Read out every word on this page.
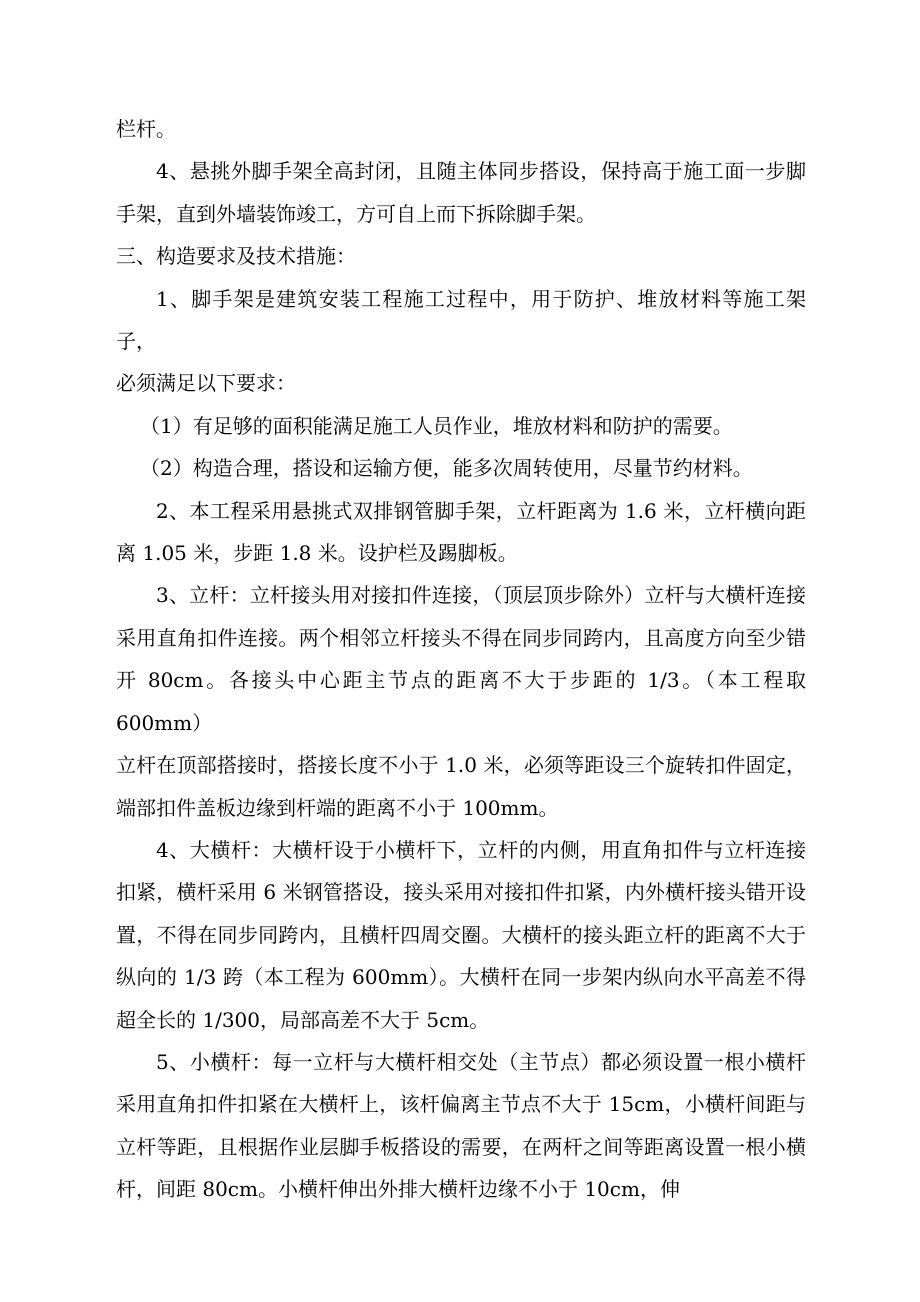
栏杆。

4、悬挑外脚手架全高封闭，且随主体同步搭设，保持高于施工面一步脚手架，直到外墙装饰竣工，方可自上而下拆除脚手架。

三、构造要求及技术措施：

1、脚手架是建筑安装工程施工过程中，用于防护、堆放材料等施工架子，

必须满足以下要求：

（1）有足够的面积能满足施工人员作业，堆放材料和防护的需要。

（2）构造合理，搭设和运输方便，能多次周转使用，尽量节约材料。

2、本工程采用悬挑式双排钢管脚手架，立杆距离为 1.6 米，立杆横向距离 1.05 米，步距 1.8 米。设护栏及踢脚板。

3、立杆：立杆接头用对接扣件连接，（顶层顶步除外）立杆与大横杆连接采用直角扣件连接。两个相邻立杆接头不得在同步同跨内，且高度方向至少错开 80cm。各接头中心距主节点的距离不大于步距的 1/3。（本工程取 600mm）

立杆在顶部搭接时，搭接长度不小于 1.0 米，必须等距设三个旋转扣件固定，端部扣件盖板边缘到杆端的距离不小于 100mm。

4、大横杆：大横杆设于小横杆下，立杆的内侧，用直角扣件与立杆连接扣紧，横杆采用 6 米钢管搭设，接头采用对接扣件扣紧，内外横杆接头错开设置，不得在同步同跨内，且横杆四周交圈。大横杆的接头距立杆的距离不大于纵向的 1/3 跨（本工程为 600mm）。大横杆在同一步架内纵向水平高差不得超全长的 1/300，局部高差不大于 5cm。

5、小横杆：每一立杆与大横杆相交处（主节点）都必须设置一根小横杆采用直角扣件扣紧在大横杆上，该杆偏离主节点不大于 15cm，小横杆间距与立杆等距，且根据作业层脚手板搭设的需要，在两杆之间等距离设置一根小横杆，间距 80cm。小横杆伸出外排大横杆边缘不小于 10cm，伸
